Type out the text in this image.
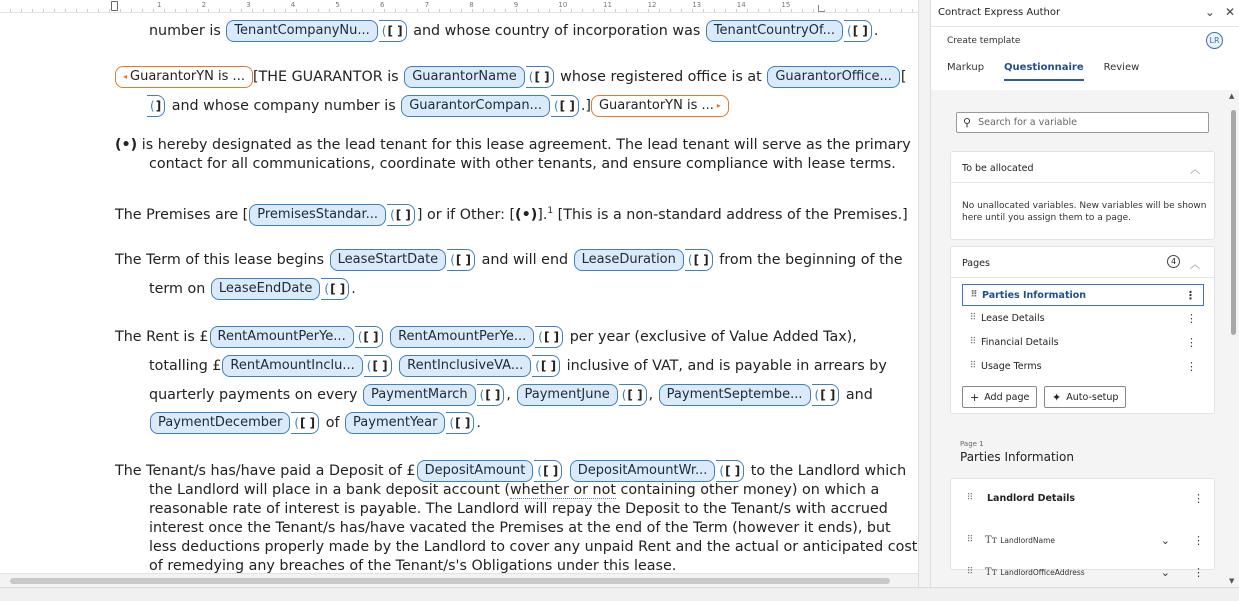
1	2	3	4	5	6	7	8	9	10	11	12	13	14	15
number is TenantCompanyNu... ( [ ] and whose country of incorporation was TenantCountryOf... ( [ ] .
◂ GuarantorYN is ... [THE GUARANTOR is GuarantorName ( [ ] whose registered office is at GuarantorOffice... [
( ] and whose company number is GuarantorCompan... ( [ ] .] GuarantorYN is ... ▸
(•) is hereby designated as the lead tenant for this lease agreement. The lead tenant will serve as the primary
contact for all communications, coordinate with other tenants, and ensure compliance with lease terms.
The Premises are [ PremisesStandar... ( [ ] ] or if Other: [(•)].$^1$ [This is a non-standard address of the Premises.]
The Term of this lease begins LeaseStartDate ( [ ] and will end LeaseDuration ( [ ] from the beginning of the
term on LeaseEndDate ( [ ] .
The Rent is £ RentAmountPerYe... ( [ ] RentAmountPerYe... ( [ ] per year (exclusive of Value Added Tax),
totalling £ RentAmountInclu... ( [ ] RentInclusiveVA... ( [ ] inclusive of VAT, and is payable in arrears by
quarterly payments on every PaymentMarch ( [ ] , PaymentJune ( [ ] , PaymentSeptembe... ( [ ] and
PaymentDecember ( [ ] of PaymentYear ( [ ] .
The Tenant/s has/have paid a Deposit of £ DepositAmount ( [ ] DepositAmountWr... ( [ ] to the Landlord which
the Landlord will place in a bank deposit account (whether or not containing other money) on which a
reasonable rate of interest is payable. The Landlord will repay the Deposit to the Tenant/s with accrued
interest once the Tenant/s has/have vacated the Premises at the end of the Term (however it ends), but
less deductions properly made by the Landlord to cover any unpaid Rent and the actual or anticipated cost
of remedying any breaches of the Tenant/s's Obligations under this lease.
Contract Express Author	⌄ ✕
Create template	LR
Markup Questionnaire Review
⚲ Search for a variable
To be allocated	︿
No unallocated variables. New variables will be shown here until you assign them to a page.
Pages	4	︿
⠿ Parties Information	⋮
⠿ Lease Details	⋮
⠿ Financial Details	⋮
⠿ Usage Terms	⋮
+ Add page ✦ Auto-setup
Page 1
Parties Information
⠿	Landlord Details	⋮
⠿	Tт LandlordName	⌄ ⋮
⠿	Tт LandlordOfficeAddress	⌄ ⋮
▲
▼
